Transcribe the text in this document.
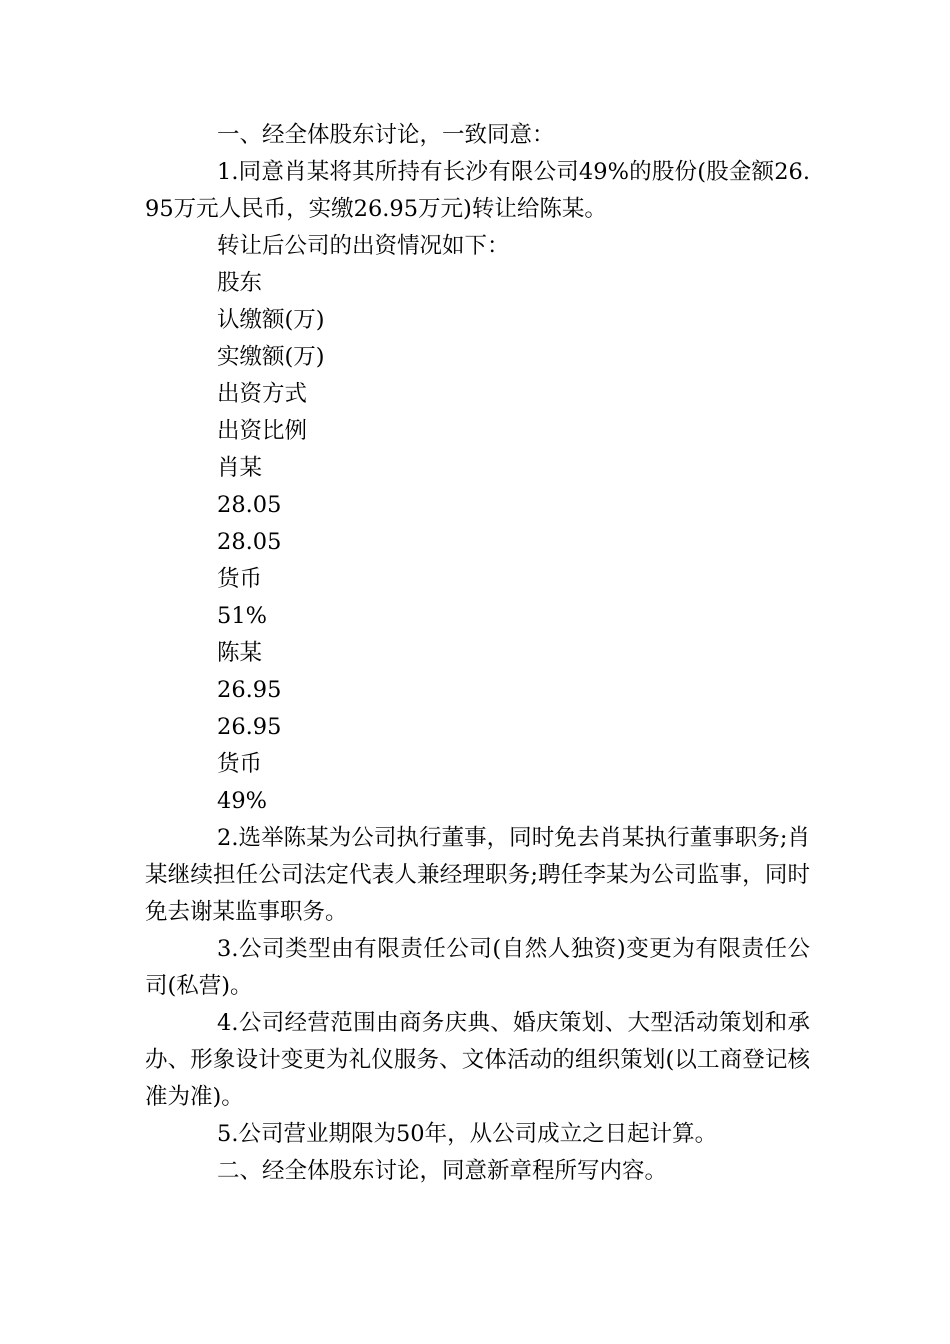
一、经全体股东讨论，一致同意：

1.同意肖某将其所持有长沙有限公司49%的股份(股金额26.95万元人民币，实缴26.95万元)转让给陈某。

转让后公司的出资情况如下：

股东

认缴额(万)

实缴额(万)

出资方式

出资比例

肖某

28.05

28.05

货币

51%

陈某

26.95

26.95

货币

49%

2.选举陈某为公司执行董事，同时免去肖某执行董事职务;肖某继续担任公司法定代表人兼经理职务;聘任李某为公司监事，同时免去谢某监事职务。

3.公司类型由有限责任公司(自然人独资)变更为有限责任公司(私营)。

4.公司经营范围由商务庆典、婚庆策划、大型活动策划和承办、形象设计变更为礼仪服务、文体活动的组织策划(以工商登记核准为准)。

5.公司营业期限为50年，从公司成立之日起计算。

二、经全体股东讨论，同意新章程所写内容。
